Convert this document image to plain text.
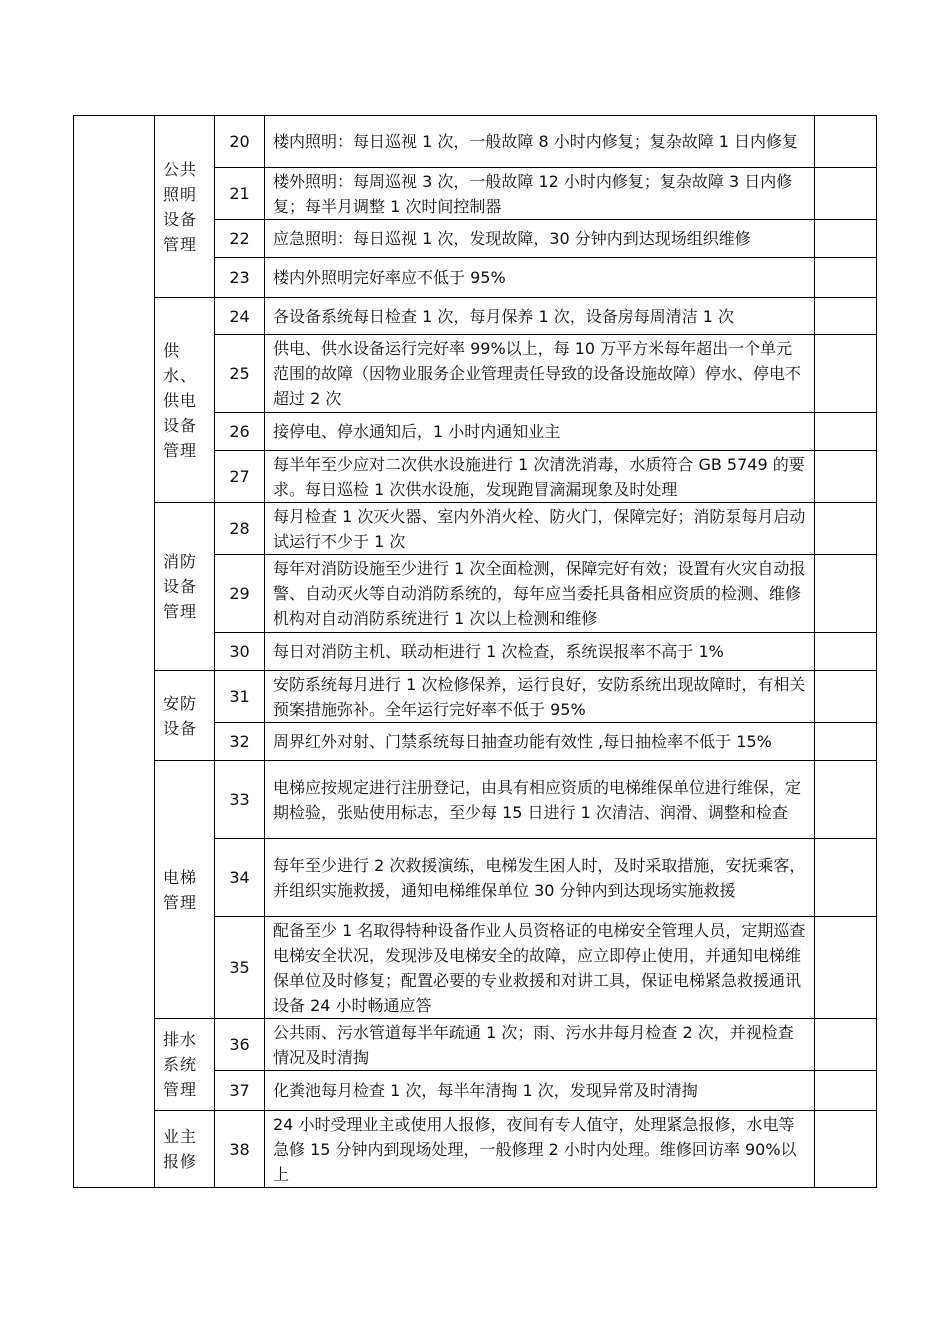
	公共照明设备管理	20	楼内照明：每日巡视 1 次，一般故障 8 小时内修复；复杂故障 1 日内修复	
		21	楼外照明：每周巡视 3 次，一般故障 12 小时内修复；复杂故障 3 日内修复；每半月调整 1 次时间控制器	
		22	应急照明：每日巡视 1 次，发现故障，30 分钟内到达现场组织维修	
		23	楼内外照明完好率应不低于 95%	
	供水、供电设备管理	24	各设备系统每日检查 1 次，每月保养 1 次，设备房每周清洁 1 次	
		25	供电、供水设备运行完好率 99%以上，每 10 万平方米每年超出一个单元范围的故障（因物业服务企业管理责任导致的设备设施故障）停水、停电不超过 2 次	
		26	接停电、停水通知后，1 小时内通知业主	
		27	每半年至少应对二次供水设施进行 1 次清洗消毒，水质符合 GB 5749 的要求。每日巡检 1 次供水设施，发现跑冒滴漏现象及时处理	
	消防设备管理	28	每月检查 1 次灭火器、室内外消火栓、防火门，保障完好；消防泵每月启动试运行不少于 1 次	
		29	每年对消防设施至少进行 1 次全面检测，保障完好有效；设置有火灾自动报警、自动灭火等自动消防系统的，每年应当委托具备相应资质的检测、维修机构对自动消防系统进行 1 次以上检测和维修	
		30	每日对消防主机、联动柜进行 1 次检查，系统误报率不高于 1%	
	安防设备	31	安防系统每月进行 1 次检修保养，运行良好，安防系统出现故障时，有相关预案措施弥补。全年运行完好率不低于 95%	
		32	周界红外对射、门禁系统每日抽查功能有效性 ,每日抽检率不低于 15%	
	电梯管理	33	电梯应按规定进行注册登记，由具有相应资质的电梯维保单位进行维保，定期检验，张贴使用标志，至少每 15 日进行 1 次清洁、润滑、调整和检查	
		34	每年至少进行 2 次救援演练，电梯发生困人时，及时采取措施，安抚乘客，并组织实施救援，通知电梯维保单位 30 分钟内到达现场实施救援	
		35	配备至少 1 名取得特种设备作业人员资格证的电梯安全管理人员，定期巡查电梯安全状况，发现涉及电梯安全的故障，应立即停止使用，并通知电梯维保单位及时修复；配置必要的专业救援和对讲工具，保证电梯紧急救援通讯设备 24 小时畅通应答	
	排水系统管理	36	公共雨、污水管道每半年疏通 1 次；雨、污水井每月检查 2 次，并视检查情况及时清掏	
		37	化粪池每月检查 1 次，每半年清掏 1 次，发现异常及时清掏	
	业主报修	38	24 小时受理业主或使用人报修，夜间有专人值守，处理紧急报修，水电等急修 15 分钟内到现场处理，一般修理 2 小时内处理。维修回访率 90%以上	
